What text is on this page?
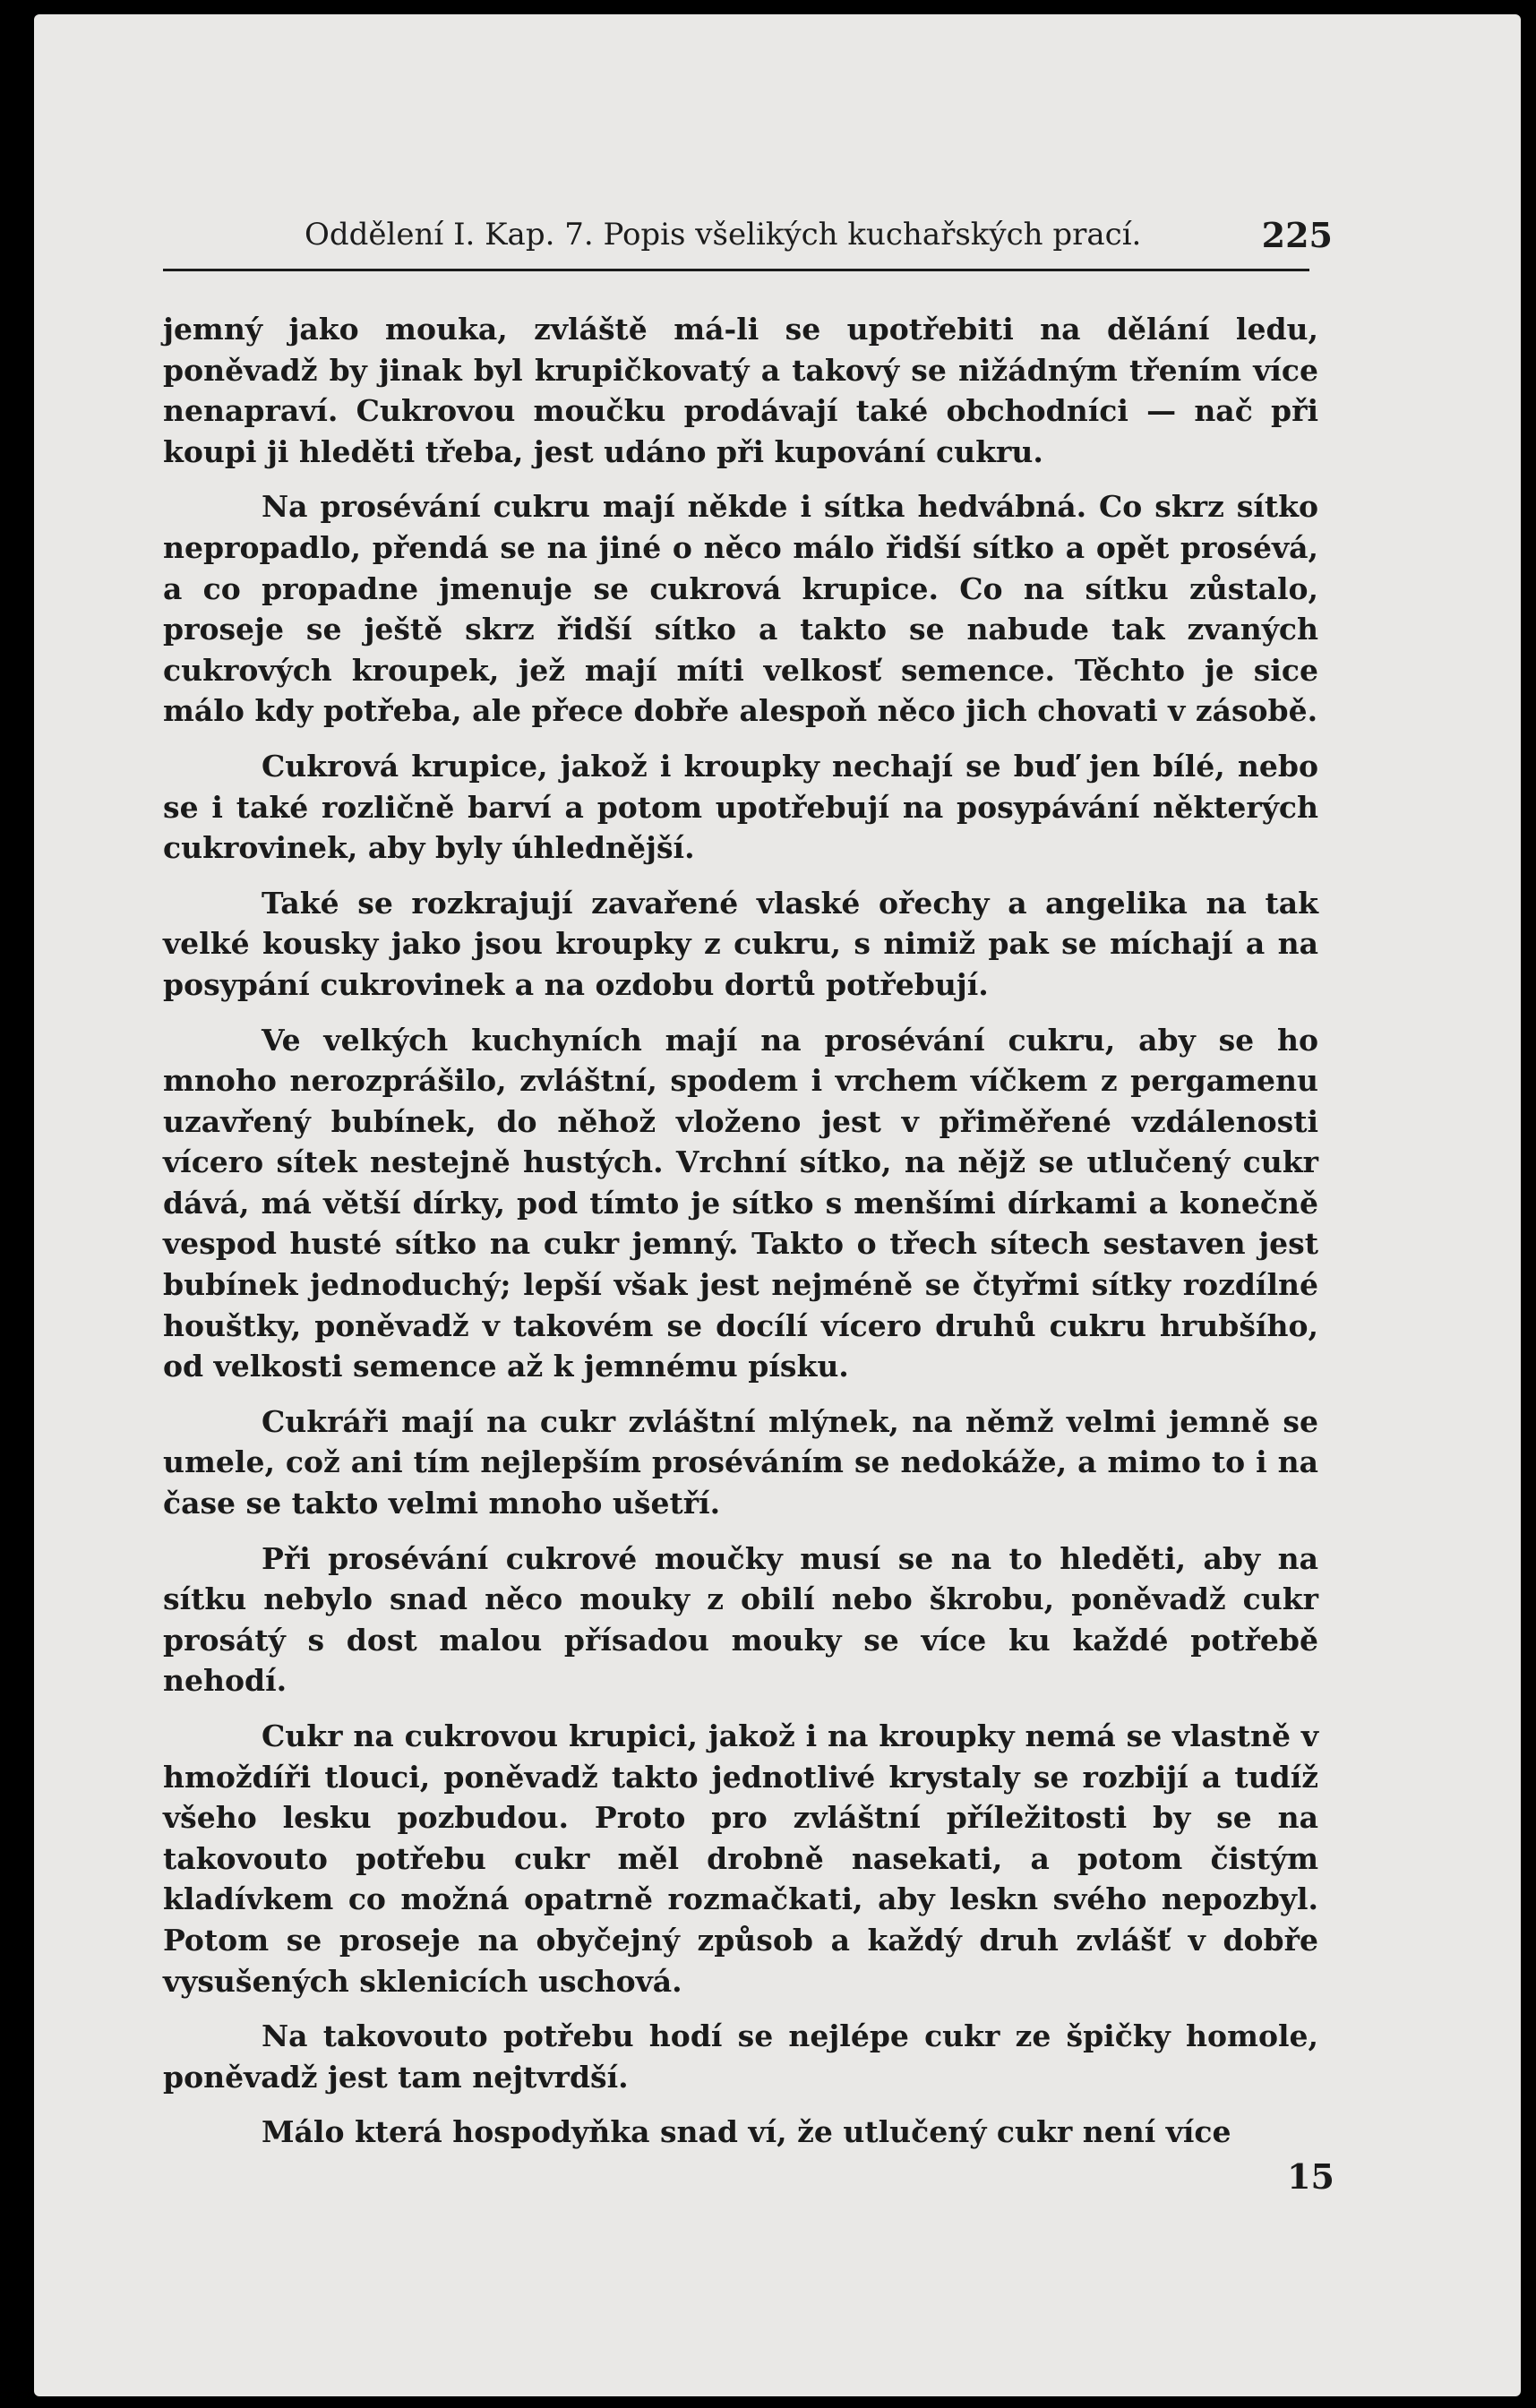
Oddělení I. Kap. 7. Popis všelikých kuchařských prací.	225

jemný jako mouka, zvláště má-li se upotřebiti na dělání ledu, poněvadž by jinak byl krupičkovatý a takový se nižádným třením více nenapraví. Cukrovou moučku prodávají také obchodníci — nač při koupi ji hleděti třeba, jest udáno při kupování cukru.

Na prosévání cukru mají někde i sítka hedvábná. Co skrz sítko nepropadlo, přendá se na jiné o něco málo řidší sítko a opět prosévá, a co propadne jmenuje se cukrová krupice. Co na sítku zůstalo, proseje se ještě skrz řidší sítko a takto se nabude tak zvaných cukrových kroupek, jež mají míti velkosť semence. Těchto je sice málo kdy potřeba, ale přece dobře alespoň něco jich chovati v zásobě.

Cukrová krupice, jakož i kroupky nechají se buď jen bílé, nebo se i také rozličně barví a potom upotřebují na posypávání některých cukrovinek, aby byly úhlednější.

Také se rozkrajují zavařené vlaské ořechy a angelika na tak velké kousky jako jsou kroupky z cukru, s nimiž pak se míchají a na posypání cukrovinek a na ozdobu dortů potřebují.

Ve velkých kuchyních mají na prosévání cukru, aby se ho mnoho nerozprášilo, zvláštní, spodem i vrchem víčkem z pergamenu uzavřený bubínek, do něhož vloženo jest v přiměřené vzdálenosti vícero sítek nestejně hustých. Vrchní sítko, na nějž se utlučený cukr dává, má větší dírky, pod tímto je sítko s menšími dírkami a konečně vespod husté sítko na cukr jemný. Takto o třech sítech sestaven jest bubínek jednoduchý; lepší však jest nejméně se čtyřmi sítky rozdílné houštky, poněvadž v takovém se docílí vícero druhů cukru hrubšího, od velkosti semence až k jemnému písku.

Cukráři mají na cukr zvláštní mlýnek, na němž velmi jemně se umele, což ani tím nejlepším proséváním se nedokáže, a mimo to i na čase se takto velmi mnoho ušetří.

Při prosévání cukrové moučky musí se na to hleděti, aby na sítku nebylo snad něco mouky z obilí nebo škrobu, poněvadž cukr prosátý s dost malou přísadou mouky se více ku každé potřebě nehodí.

Cukr na cukrovou krupici, jakož i na kroupky nemá se vlastně v hmoždíři tlouci, poněvadž takto jednotlivé krystaly se rozbijí a tudíž všeho lesku pozbudou. Proto pro zvláštní příležitosti by se na takovouto potřebu cukr měl drobně nasekati, a potom čistým kladívkem co možná opatrně rozmačkati, aby leskn svého nepozbyl. Potom se proseje na obyčejný způsob a každý druh zvlášť v dobře vysušených sklenicích uschová.

Na takovouto potřebu hodí se nejlépe cukr ze špičky homole, poněvadž jest tam nejtvrdší.

Málo která hospodyňka snad ví, že utlučený cukr není více

15
